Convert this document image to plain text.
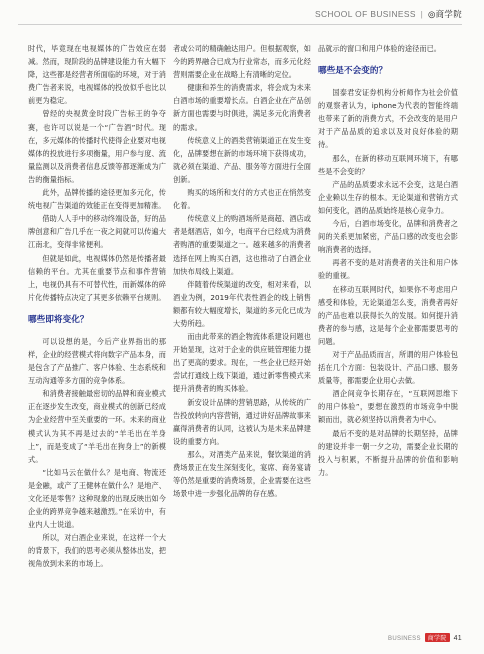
SCHOOL OF BUSINESS | ◎商学院

时代，毕竟现在电视媒体的广告效应在弱减。然而，现阶段的品牌建设能力有大幅下降，这些都是经营者所面临的环境，对于消费广告者来说，电视媒体的投放似乎也比以前更为稳定。

曾经的央视黄金时段广告标王的争夺赛，也许可以说是一个“广告酒”时代。现在，多元媒体的传播时代使得企业要对电视媒体的投放进行多项衡量，用户参与度、流量监测以及消费者信息反馈等都逐渐成为广告的衡量指标。

此外，品牌传播的途径更加多元化，传统电视广告渠道的效能正在变得更加精准。

借助人人手中的移动终端设备，好的品牌创意和广告几乎在一夜之间就可以传遍大江南北，变得非常便利。

但就是如此，电视媒体仍然是传播者最信赖的平台。尤其在重要节点和事件营销上，电视仍具有不可替代性，而新媒体的碎片化传播特点决定了其更多依赖平台规则。

哪些即将变化？

可以设想的是，今后产业界指出的那样，企业的经营模式将向数字产品本身，而是包含了产品推广、客户体验、生态系统和互动沟通等多方面的竞争体系。

和消费者接触最密切的品牌和商业模式正在逐步发生改变，商业模式的创新已经成为企业经营中至关重要的一环。未来的商业模式认为其不再是过去的“羊毛出在羊身上”，而是变成了“羊毛出在狗身上”的新模式。

“比如马云在做什么？是电商、物流还是金融，或产了王健林在做什么？是地产、文化还是零售？这种现象的出现反映出如今企业的跨界竞争越来越激烈。”在采访中，有业内人士说道。

所以，对白酒企业来说，在这样一个大的背景下，我们的思考必须从整体出发，把视角放到未来的市场上。

者或公司的精确触达用户。但根据观察，如今的跨界融合已成为行业常态，而多元化经营则需要企业在战略上有清晰的定位。

健康和养生的消费需求，将会成为未来白酒市场的重要增长点。白酒企业在产品创新方面也需要与时俱进，满足多元化消费者的需求。

传统意义上的酒类营销渠道正在发生变化，品牌要想在新的市场环境下获得成功，就必须在渠道、产品、服务等方面进行全面创新。

购买的场所和支付的方式也正在悄然变化着。

传统意义上的购酒场所是商超、酒店或者是烟酒店，如今，电商平台已经成为消费者购酒的重要渠道之一。越来越多的消费者选择在网上购买白酒，这也推动了白酒企业加快布局线上渠道。

伴随着传统渠道的改变，相对来看，以酒业为例，2019年代表性酒企的线上销售额都有较大幅度增长，渠道的多元化已成为大势所趋。

而由此带来的酒企物流体系建设问题也开始显现，这对于企业的供应链管理能力提出了更高的要求。现在，一些企业已经开始尝试打通线上线下渠道，通过新零售模式来提升消费者的购买体验。

新安设计品牌的营销思路，从传统的广告投放转向内容营销，通过讲好品牌故事来赢得消费者的认同，这被认为是未来品牌建设的重要方向。

那么，对酒类产品来说，餐饮渠道的消费场景正在发生深刻变化，宴席、商务宴请等仍然是重要的消费场景，企业需要在这些场景中进一步强化品牌的存在感。

品就示的窗口和用户体验的途径而已。

哪些是不会变的？

国泰君安证券机构分析师作为社会价值的观察者认为，iphone为代表的智能终端也带来了新的消费方式，不会改变的是用户对于产品品质的追求以及对良好体验的期待。

那么，在新的移动互联网环境下，有哪些是不会变的？

产品的品质要求永远不会变，这是白酒企业赖以生存的根本。无论渠道和营销方式如何变化，酒的品质始终是核心竞争力。

今后，白酒市场变化，品牌和消费者之间的关系更加紧密，产品口感的改变也会影响消费者的选择。

再者不变的是对消费者的关注和用户体验的重视。

在移动互联网时代，如果你不考虑用户感受和体验，无论渠道怎么变，消费者再好的产品也难以获得长久的发展。如何提升消费者的参与感，这是每个企业都需要思考的问题。

对于产品品质而言，所谓的用户体验包括在几个方面：包装设计、产品口感、服务质量等，都需要企业用心去做。

酒企间竞争长期存在，“互联网思维下的用户体验”，要想在激烈的市场竞争中脱颖而出，就必须坚持以消费者为中心。

最后不变的是对品牌的长期坚持，品牌的建设并非一朝一夕之功，需要企业长期的投入与积累，不断提升品牌的价值和影响力。

BUSINESS 商学院 41
